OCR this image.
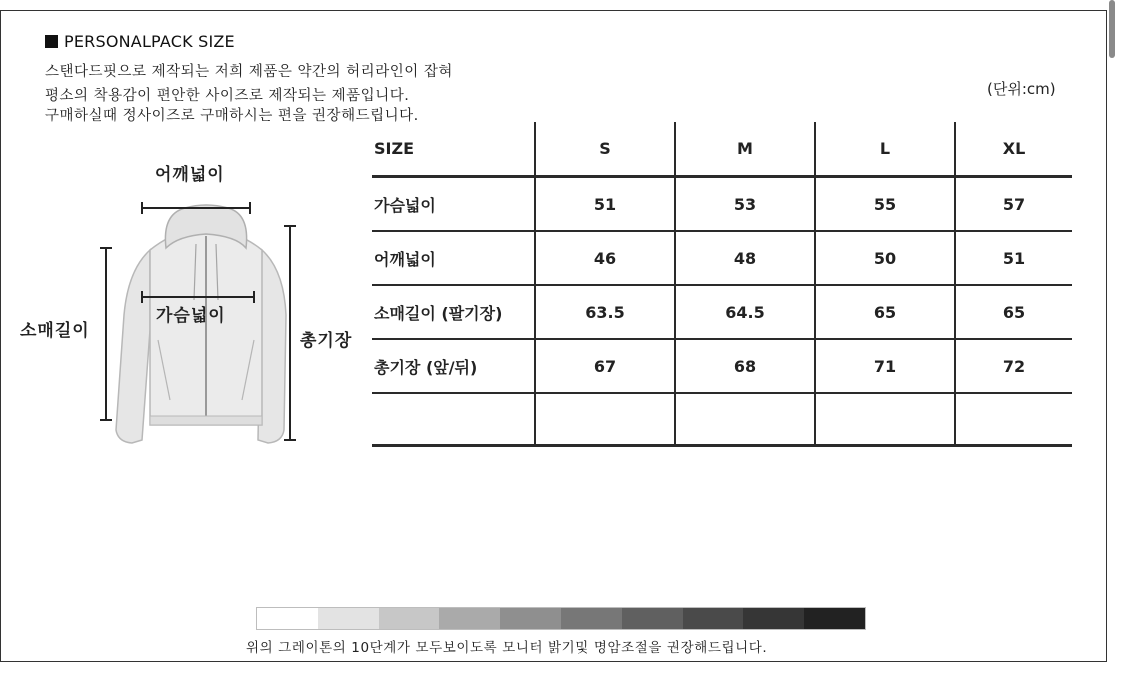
PERSONALPACK SIZE
스탠다드핏으로 제작되는 저희 제품은 약간의 허리라인이 잡혀
평소의 착용감이 편안한 사이즈로 제작되는 제품입니다.
구매하실때 정사이즈로 구매하시는 편을 권장해드립니다.
(단위:cm)
어깨넓이
가슴넓이
소매길이	총기장
SIZE	S	M	L	XL
가슴넓이	51	53	55	57
어깨넓이	46	48	50	51
소매길이 (팔기장)	63.5	64.5	65	65
총기장 (앞/뒤)	67	68	71	72
위의 그레이톤의 10단계가 모두보이도록 모니터 밝기및 명암조절을 권장해드립니다.
